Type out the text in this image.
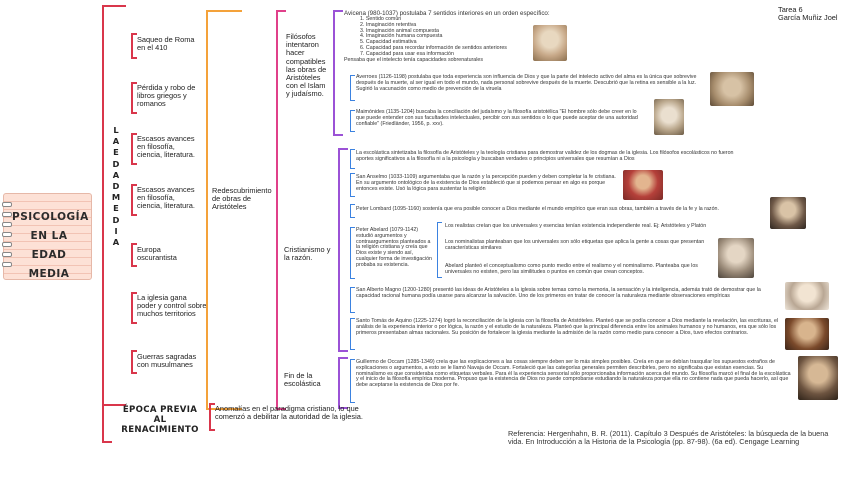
Tarea 6
García Muñiz Joel
PSICOLOGÍA
EN LA EDAD
MEDIA
L
A
E
D
A
D
M
E
D
I
A
Saqueo de Roma en el 410
Pérdida y robo de libros griegos y romanos
Escasos avances en filosofía, ciencia, literatura.
Escasos avances en filosofía, ciencia, literatura.
Europa oscurantista
La iglesia gana poder y control sobre muchos territorios
Guerras sagradas con musulmanes
Redescubrimiento de obras de Aristóteles
Filósofos intentaron hacer compatibles las obras de Aristóteles con el Islam y judaísmo.
Cristianismo y la razón.
Fin de la escolástica
Avicena (980-1037) postulaba 7 sentidos interiores en un orden específico:
1. Sentido común
2. Imaginación retentiva
3. Imaginación animal compuesta
4. Imaginación humana compuesta
5. Capacidad estimativa
6. Capacidad para recordar información de sentidos anteriores
7. Capacidad para usar esa información
Pensaba que el intelecto tenía capacidades sobrenaturales
Averroes (1126-1198) postulaba que toda experiencia son influencia de Dios y que la parte del intelecto activo del alma es la única que sobrevive después de la muerte, al ser igual en todo el mundo, nada personal sobrevive después de la muerte. Descubrió que la retina es sensible a la luz. Sugirió la vacunación como medio de prevención de la viruela
Maimónides (1135-1204) buscaba la conciliación del judaísmo y la filosofía aristotélica "El hombre sólo debe creer en lo que puede entender con sus facultades intelectuales, percibir con sus sentidos o lo que puede aceptar de una autoridad confiable" (Friedländer, 1956, p. xxv).
La escolástica sintetizaba la filosofía de Aristóteles y la teología cristiana para demostrar validez de los dogmas de la iglesia. Los filósofos escolásticos no fueron aportes significativos a la filosofía ni a la psicología y buscaban verdades o principios universales que resumían a Dios
San Anselmo (1033-1109) argumentaba que la razón y la percepción pueden y deben completar la fe cristiana. En su argumento ontológico de la existencia de Dios estableció que si podemos pensar en algo es porque entonces existe. Usó la lógica para sustentar la religión
Peter Lombard (1095-1160) sostenía que era posible conocer a Dios mediante el mundo empírico que eran sus obras, también a través de la fe y la razón.
Peter Abelard (1079-1142) estudió argumentos y contraargumentos planteados a la religión cristiana y creía que Dios existe y siendo así, cualquier forma de investigación probaba su existencia.
Los realistas creían que los universales y esencias tenían existencia independiente real. Ej: Aristóteles y Platón
Los nominalistas planteaban que los universales son sólo etiquetas que aplica la gente a cosas que presentan características similares
Abelard planteó el conceptualismo como punto medio entre el realismo y el nominalismo. Planteaba que los universales no existen, pero las similitudes o puntos en común que crean conceptos.
San Alberto Magno (1200-1280) presentó las ideas de Aristóteles a la iglesia sobre temas como la memoria, la sensación y la inteligencia, además trató de demostrar que la capacidad racional humana podía usarse para alcanzar la salvación. Uno de los primeros en tratar de conocer la naturaleza mediante observaciones empíricas
Santo Tomás de Aquino (1225-1274) logró la reconciliación de la iglesia con la filosofía de Aristóteles. Planteó que se podía conocer a Dios mediante la revelación, las escrituras, el análisis de la experiencia interior o por lógica, la razón y el estudio de la naturaleza. Planteó que la principal diferencia entre los animales humanos y no humanos, era que sólo los primeros presentaban almas racionales. Su posición de fortalecer la iglesia mediante la admisión de la razón como medio para conocer a Dios, tuvo efectos contrarios.
Guillermo de Occam (1285-1349) creía que las explicaciones a las cosas siempre deben ser lo más simples posibles. Creía en que se debían trasquilar los supuestos extraños de explicaciones o argumentos, a esto se le llamó Navaja de Occam. Fortaleció que las categorías generales permiten describirles, pero no significaba que existan esencias. Su nominalismo es que consideraba como etiquetas verbales. Para él la experiencia sensorial sólo proporcionaba información acerca del mundo. Su filosofía marcó el final de la escolástica y el inicio de la filosofía empírica moderna. Propuso que la existencia de Dios no puede comprobarse estudiando la naturaleza porque ella no contiene nada que pueda hacerlo, así que debe aceptarse la existencia de Dios por fe.
ÉPOCA PREVIA AL RENACIMIENTO
Anomalías en el paradigma cristiano, lo que comenzó a debilitar la autoridad de la iglesia.
Referencia: Hergenhahn, B. R. (2011). Capítulo 3 Después de Aristóteles: la búsqueda de la buena vida. En Introducción a la Historia de la Psicología (pp. 87-98). (6a ed). Cengage Learning
